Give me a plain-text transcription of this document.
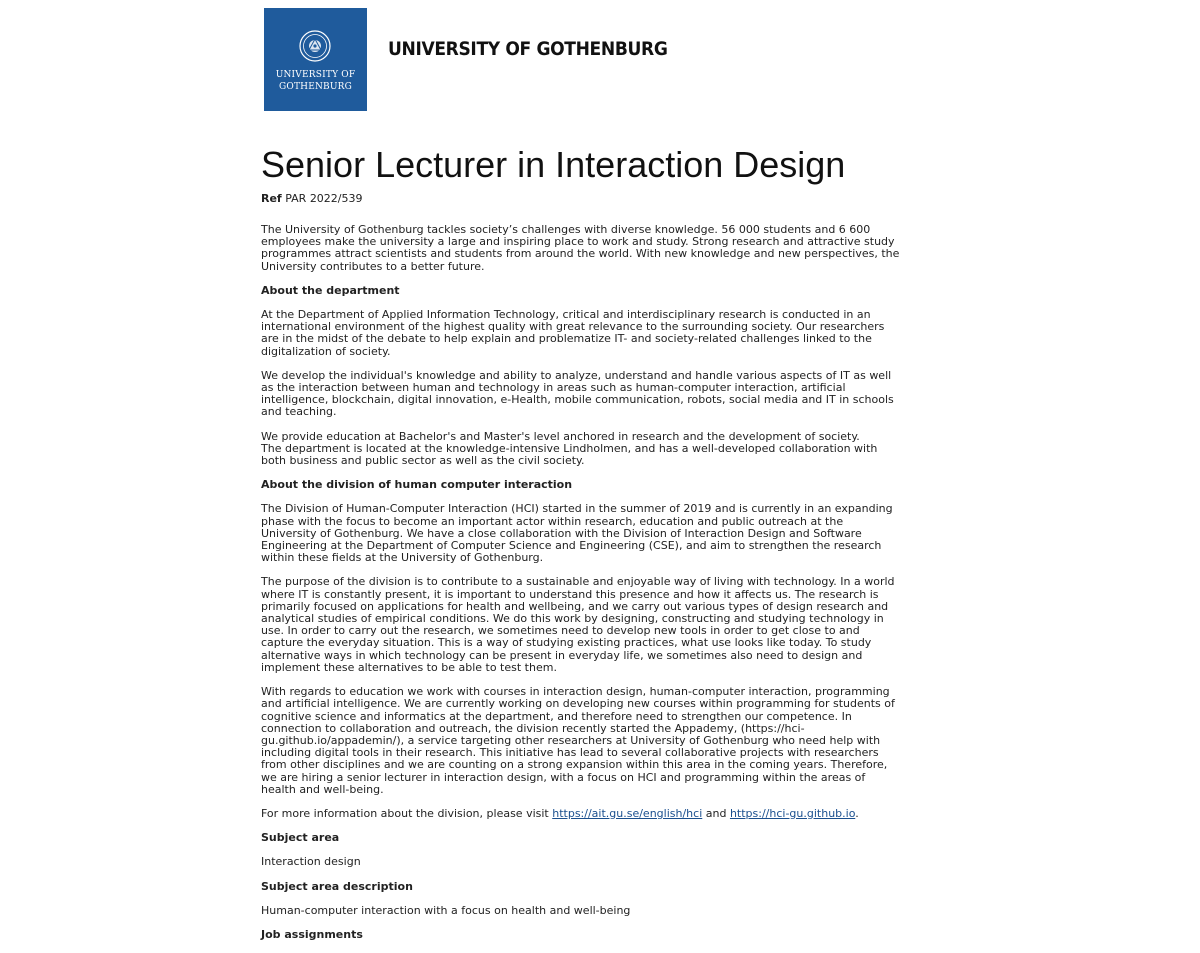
UNIVERSITY OF
GOTHENBURG
UNIVERSITY OF GOTHENBURG
Senior Lecturer in Interaction Design
Ref PAR 2022/539

The University of Gothenburg tackles society’s challenges with diverse knowledge. 56 000 students and 6 600 employees make the university a large and inspiring place to work and study. Strong research and attractive study programmes attract scientists and students from around the world. With new knowledge and new perspectives, the University contributes to a better future.

About the department

At the Department of Applied Information Technology, critical and interdisciplinary research is conducted in an international environment of the highest quality with great relevance to the surrounding society. Our researchers are in the midst of the debate to help explain and problematize IT- and society-related challenges linked to the digitalization of society.

We develop the individual's knowledge and ability to analyze, understand and handle various aspects of IT as well as the interaction between human and technology in areas such as human-computer interaction, artificial intelligence, blockchain, digital innovation, e-Health, mobile communication, robots, social media and IT in schools and teaching.

We provide education at Bachelor's and Master's level anchored in research and the development of society.

The department is located at the knowledge-intensive Lindholmen, and has a well-developed collaboration with both business and public sector as well as the civil society.

About the division of human computer interaction

The Division of Human-Computer Interaction (HCI) started in the summer of 2019 and is currently in an expanding phase with the focus to become an important actor within research, education and public outreach at the University of Gothenburg. We have a close collaboration with the Division of Interaction Design and Software Engineering at the Department of Computer Science and Engineering (CSE), and aim to strengthen the research within these fields at the University of Gothenburg.

The purpose of the division is to contribute to a sustainable and enjoyable way of living with technology. In a world where IT is constantly present, it is important to understand this presence and how it affects us. The research is primarily focused on applications for health and wellbeing, and we carry out various types of design research and analytical studies of empirical conditions. We do this work by designing, constructing and studying technology in use. In order to carry out the research, we sometimes need to develop new tools in order to get close to and capture the everyday situation. This is a way of studying existing practices, what use looks like today. To study alternative ways in which technology can be present in everyday life, we sometimes also need to design and implement these alternatives to be able to test them.

With regards to education we work with courses in interaction design, human-computer interaction, programming and artificial intelligence. We are currently working on developing new courses within programming for students of cognitive science and informatics at the department, and therefore need to strengthen our competence. In connection to collaboration and outreach, the division recently started the Appademy, (https://hci-gu.github.io/appademin/), a service targeting other researchers at University of Gothenburg who need help with including digital tools in their research. This initiative has lead to several collaborative projects with researchers from other disciplines and we are counting on a strong expansion within this area in the coming years. Therefore, we are hiring a senior lecturer in interaction design, with a focus on HCI and programming within the areas of health and well-being.

For more information about the division, please visit https://ait.gu.se/english/hci and https://hci-gu.github.io.

Subject area

Interaction design

Subject area description

Human-computer interaction with a focus on health and well-being

Job assignments
